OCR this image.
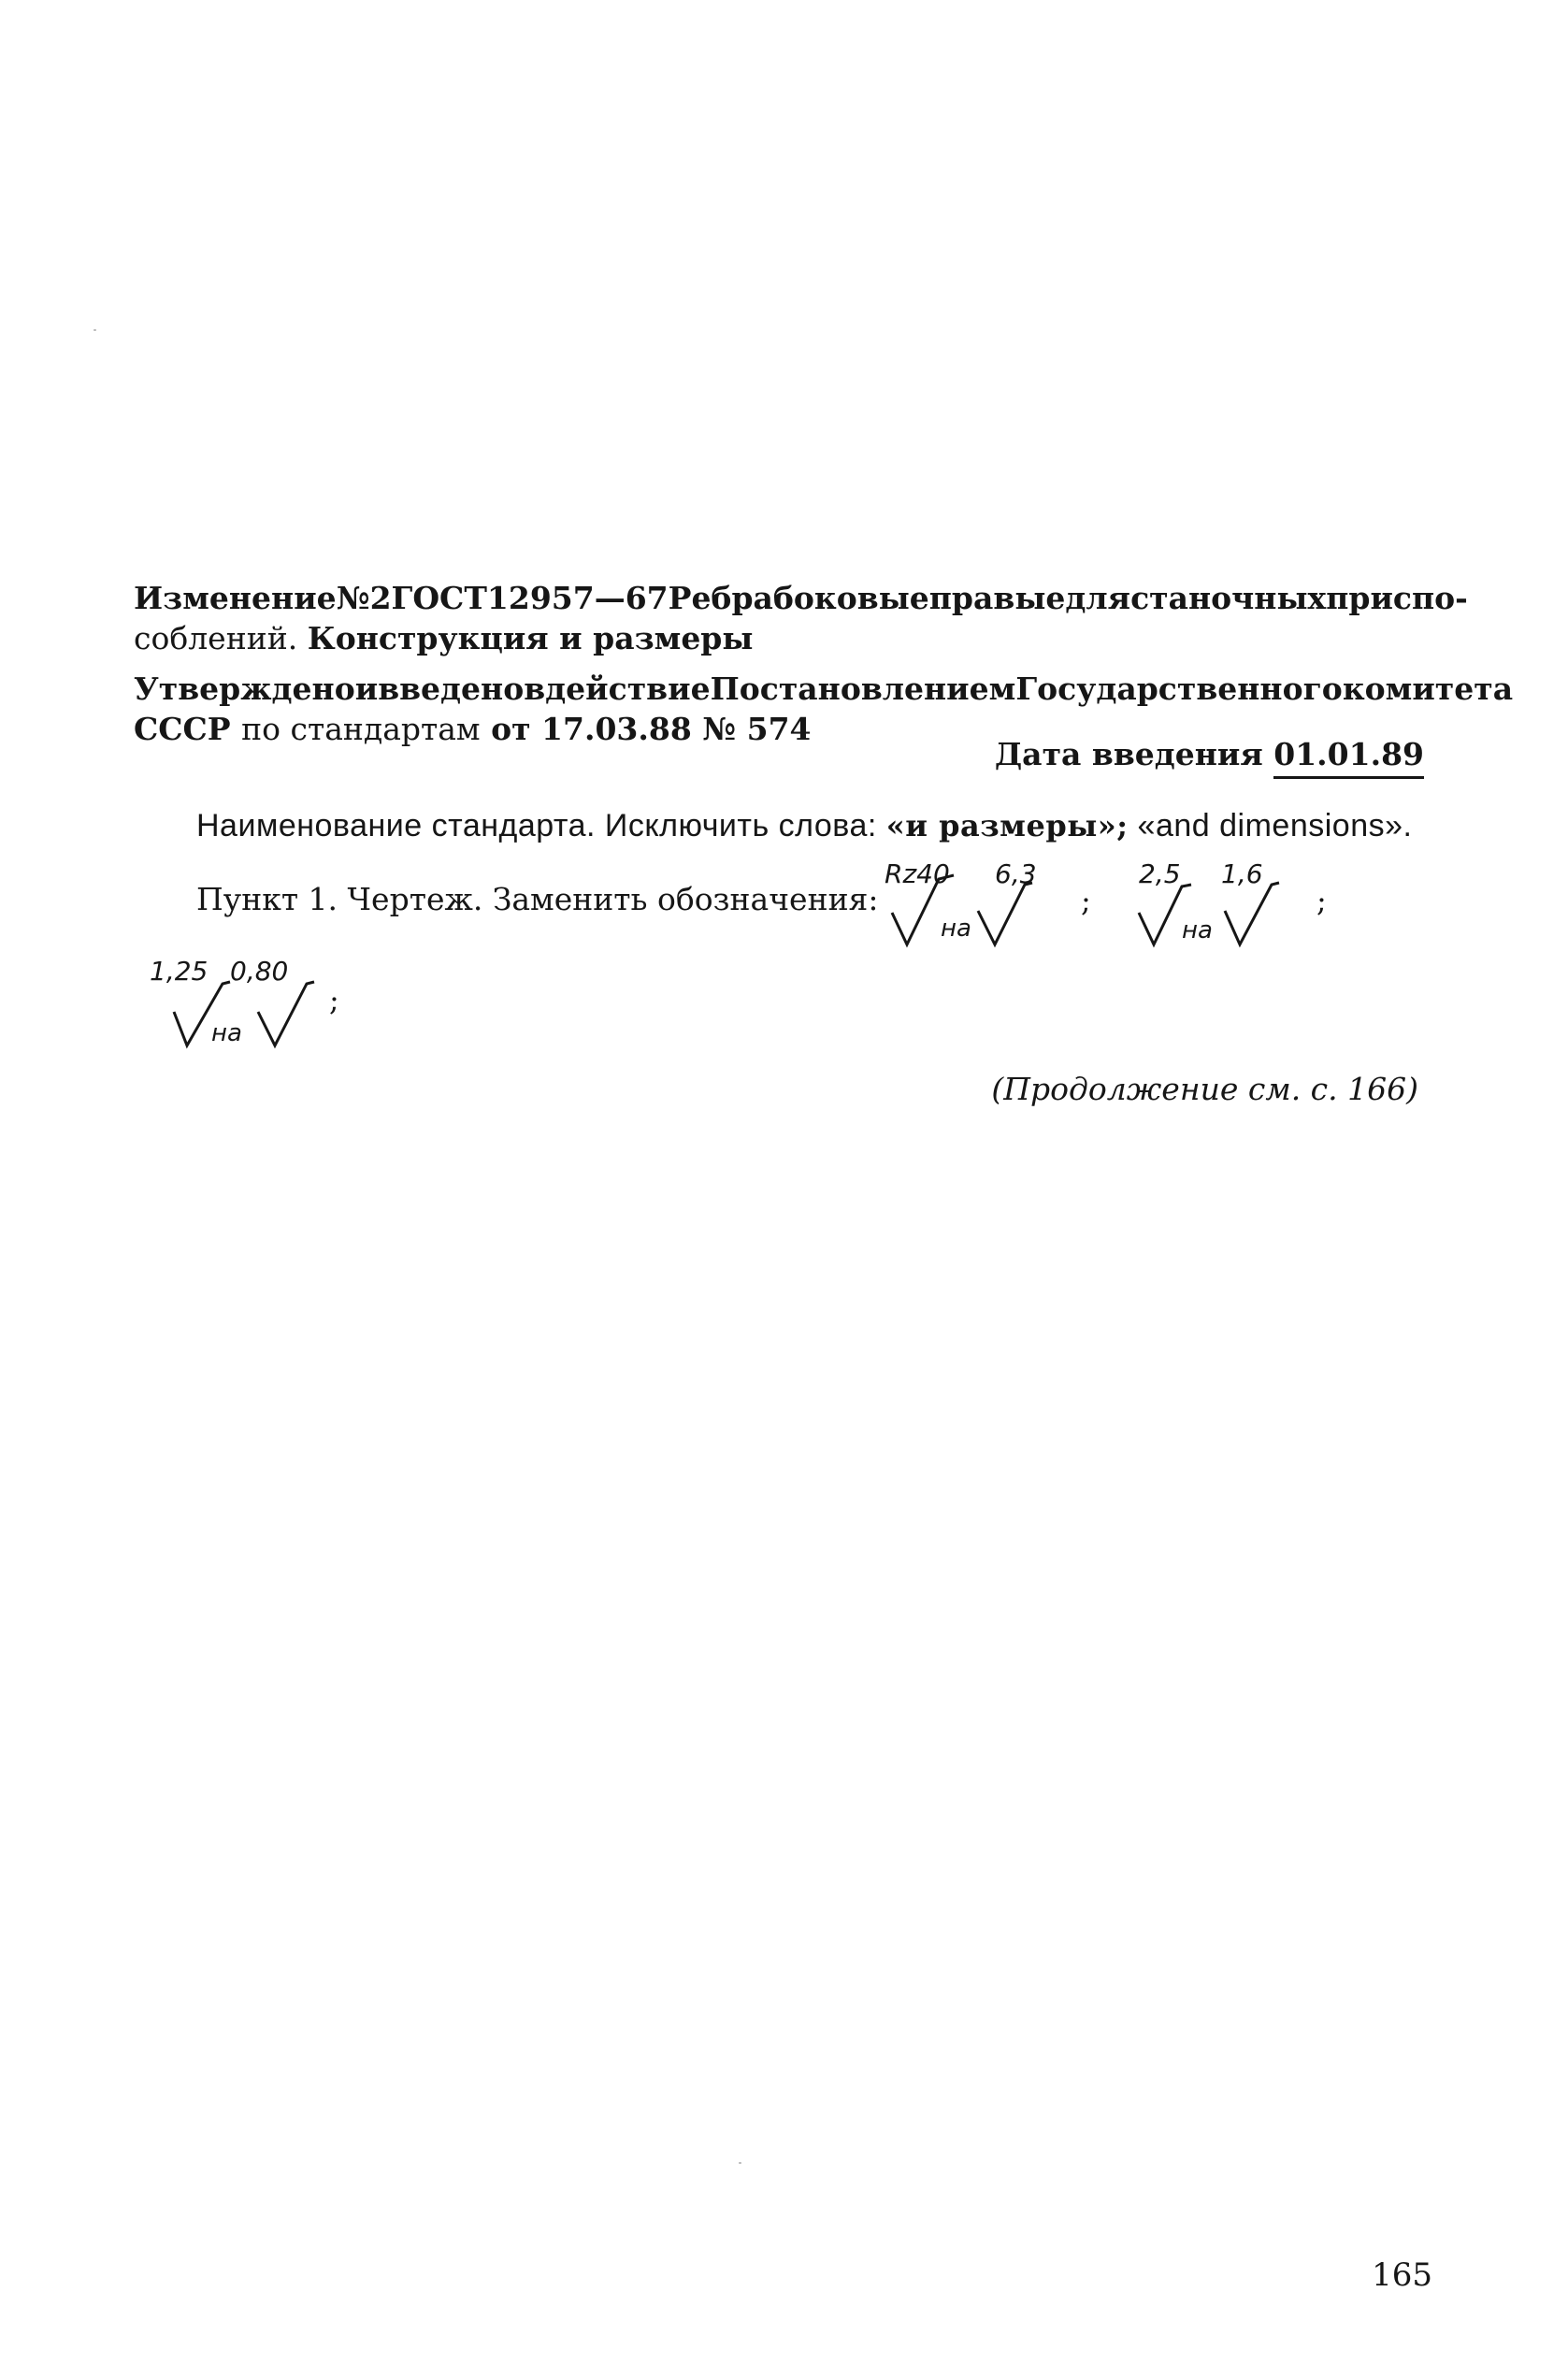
Изменение № 2 ГОСТ 12957—67 Ребра боковые правые для станочных приспо-
соблений. Конструкция и размеры
Утверждено и введено в действие Постановлением Государственного комитета
СССР по стандартам от 17.03.88 № 574
Дата введения 01.01.89
Наименование стандарта. Исключить слова: «и размеры»; «and dimensions».
Пункт 1. Чертеж. Заменить обозначения:
Rz40 6,3
на
;
2,5 1,6
на
;
1,25 0,80
на
;
(Продолжение см. с. 166)
165
